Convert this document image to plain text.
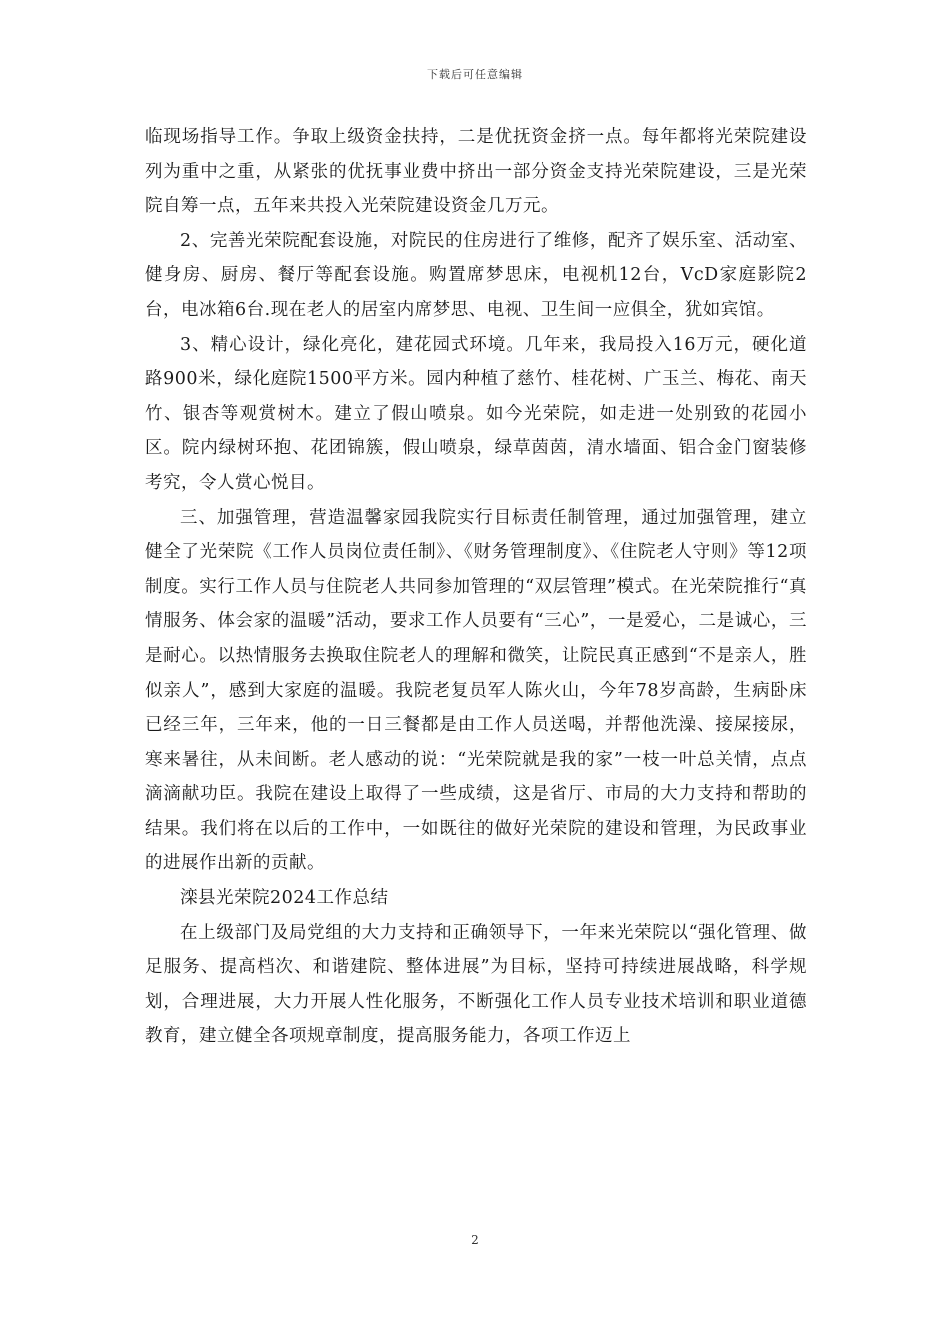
下载后可任意编辑

临现场指导工作。争取上级资金扶持，二是优抚资金挤一点。每年都将光荣院建设列为重中之重，从紧张的优抚事业费中挤出一部分资金支持光荣院建设，三是光荣院自筹一点，五年来共投入光荣院建设资金几万元。

2、完善光荣院配套设施，对院民的住房进行了维修，配齐了娱乐室、活动室、健身房、厨房、餐厅等配套设施。购置席梦思床，电视机12台，VcD家庭影院2台，电冰箱6台.现在老人的居室内席梦思、电视、卫生间一应俱全，犹如宾馆。

3、精心设计，绿化亮化，建花园式环境。几年来，我局投入16万元，硬化道路900米，绿化庭院1500平方米。园内种植了慈竹、桂花树、广玉兰、梅花、南天竹、银杏等观赏树木。建立了假山喷泉。如今光荣院，如走进一处别致的花园小区。院内绿树环抱、花团锦簇，假山喷泉，绿草茵茵，清水墙面、铝合金门窗装修考究，令人赏心悦目。

三、加强管理，营造温馨家园我院实行目标责任制管理，通过加强管理，建立健全了光荣院《工作人员岗位责任制》、《财务管理制度》、《住院老人守则》等12项制度。实行工作人员与住院老人共同参加管理的“双层管理”模式。在光荣院推行“真情服务、体会家的温暖”活动，要求工作人员要有“三心”，一是爱心，二是诚心，三是耐心。以热情服务去换取住院老人的理解和微笑，让院民真正感到“不是亲人，胜似亲人”，感到大家庭的温暖。我院老复员军人陈火山，今年78岁高龄，生病卧床已经三年，三年来，他的一日三餐都是由工作人员送喝，并帮他洗澡、接屎接尿，寒来暑往，从未间断。老人感动的说：“光荣院就是我的家”一枝一叶总关情，点点滴滴献功臣。我院在建设上取得了一些成绩，这是省厅、市局的大力支持和帮助的结果。我们将在以后的工作中，一如既往的做好光荣院的建设和管理，为民政事业的进展作出新的贡献。

滦县光荣院2024工作总结

在上级部门及局党组的大力支持和正确领导下，一年来光荣院以“强化管理、做足服务、提高档次、和谐建院、整体进展”为目标，坚持可持续进展战略，科学规划，合理进展，大力开展人性化服务，不断强化工作人员专业技术培训和职业道德教育，建立健全各项规章制度，提高服务能力，各项工作迈上

2
